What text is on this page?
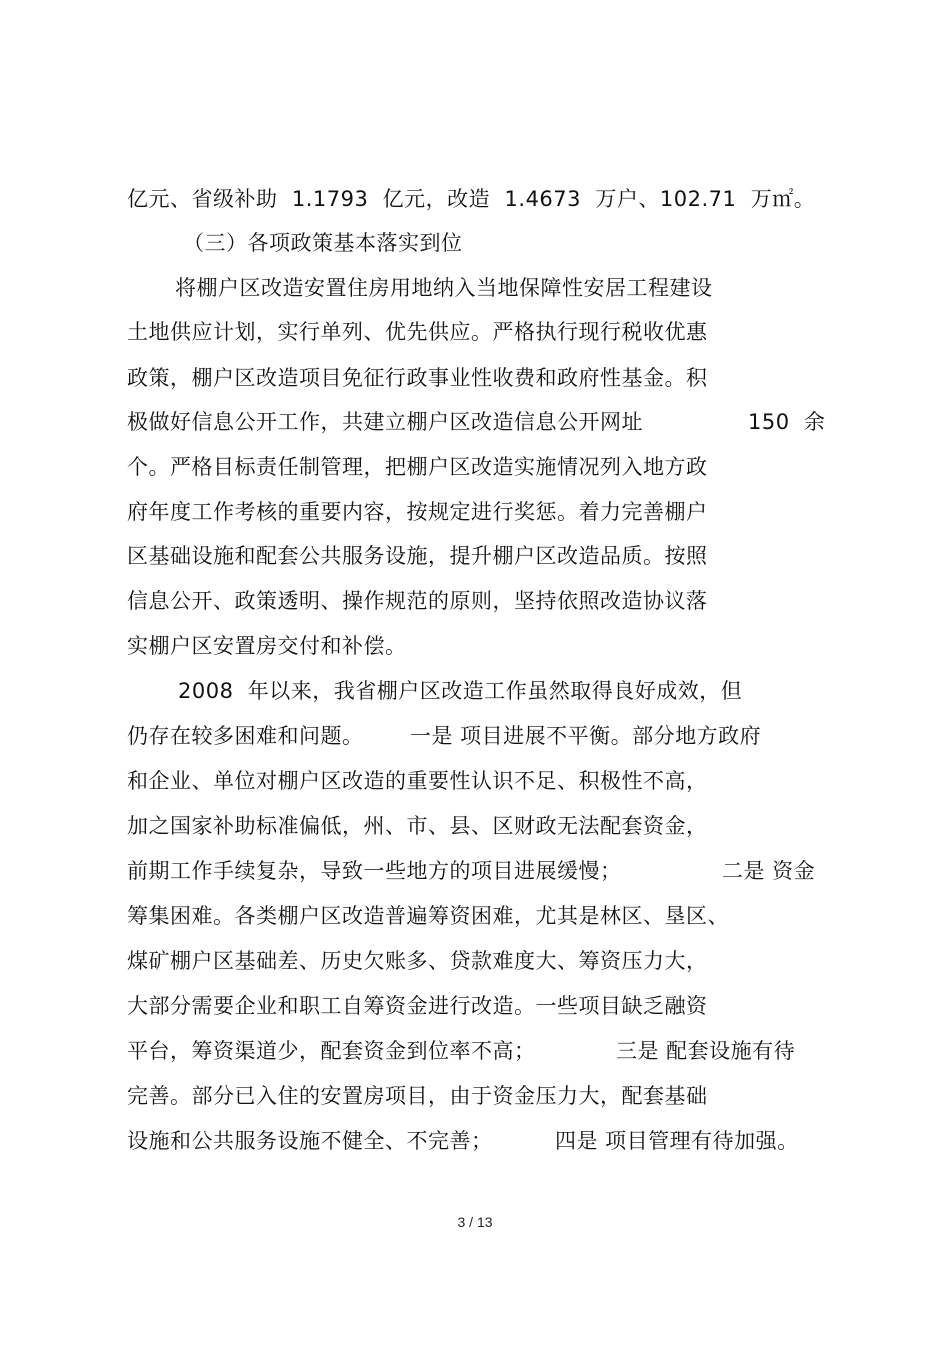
亿元、省级补助  1.1793  亿元，改造  1.4673  万户、102.71  万㎡。
（三）各项政策基本落实到位
将棚户区改造安置住房用地纳入当地保障性安居工程建设
土地供应计划，实行单列、优先供应。严格执行现行税收优惠
政策，棚户区改造项目免征行政事业性收费和政府性基金。积
极做好信息公开工作，共建立棚户区改造信息公开网址	150  余
个。严格目标责任制管理，把棚户区改造实施情况列入地方政
府年度工作考核的重要内容，按规定进行奖惩。着力完善棚户
区基础设施和配套公共服务设施，提升棚户区改造品质。按照
信息公开、政策透明、操作规范的原则，坚持依照改造协议落
实棚户区安置房交付和补偿。
2008  年以来，我省棚户区改造工作虽然取得良好成效，但
仍存在较多困难和问题。 一是 项目进展不平衡。部分地方政府
和企业、单位对棚户区改造的重要性认识不足、积极性不高，
加之国家补助标准偏低，州、市、县、区财政无法配套资金，
前期工作手续复杂，导致一些地方的项目进展缓慢；	二是 资金
筹集困难。各类棚户区改造普遍筹资困难，尤其是林区、垦区、
煤矿棚户区基础差、历史欠账多、贷款难度大、筹资压力大，
大部分需要企业和职工自筹资金进行改造。一些项目缺乏融资
平台，筹资渠道少，配套资金到位率不高；	三是 配套设施有待
完善。部分已入住的安置房项目，由于资金压力大，配套基础
设施和公共服务设施不健全、不完善；	四是 项目管理有待加强。
3 / 13
